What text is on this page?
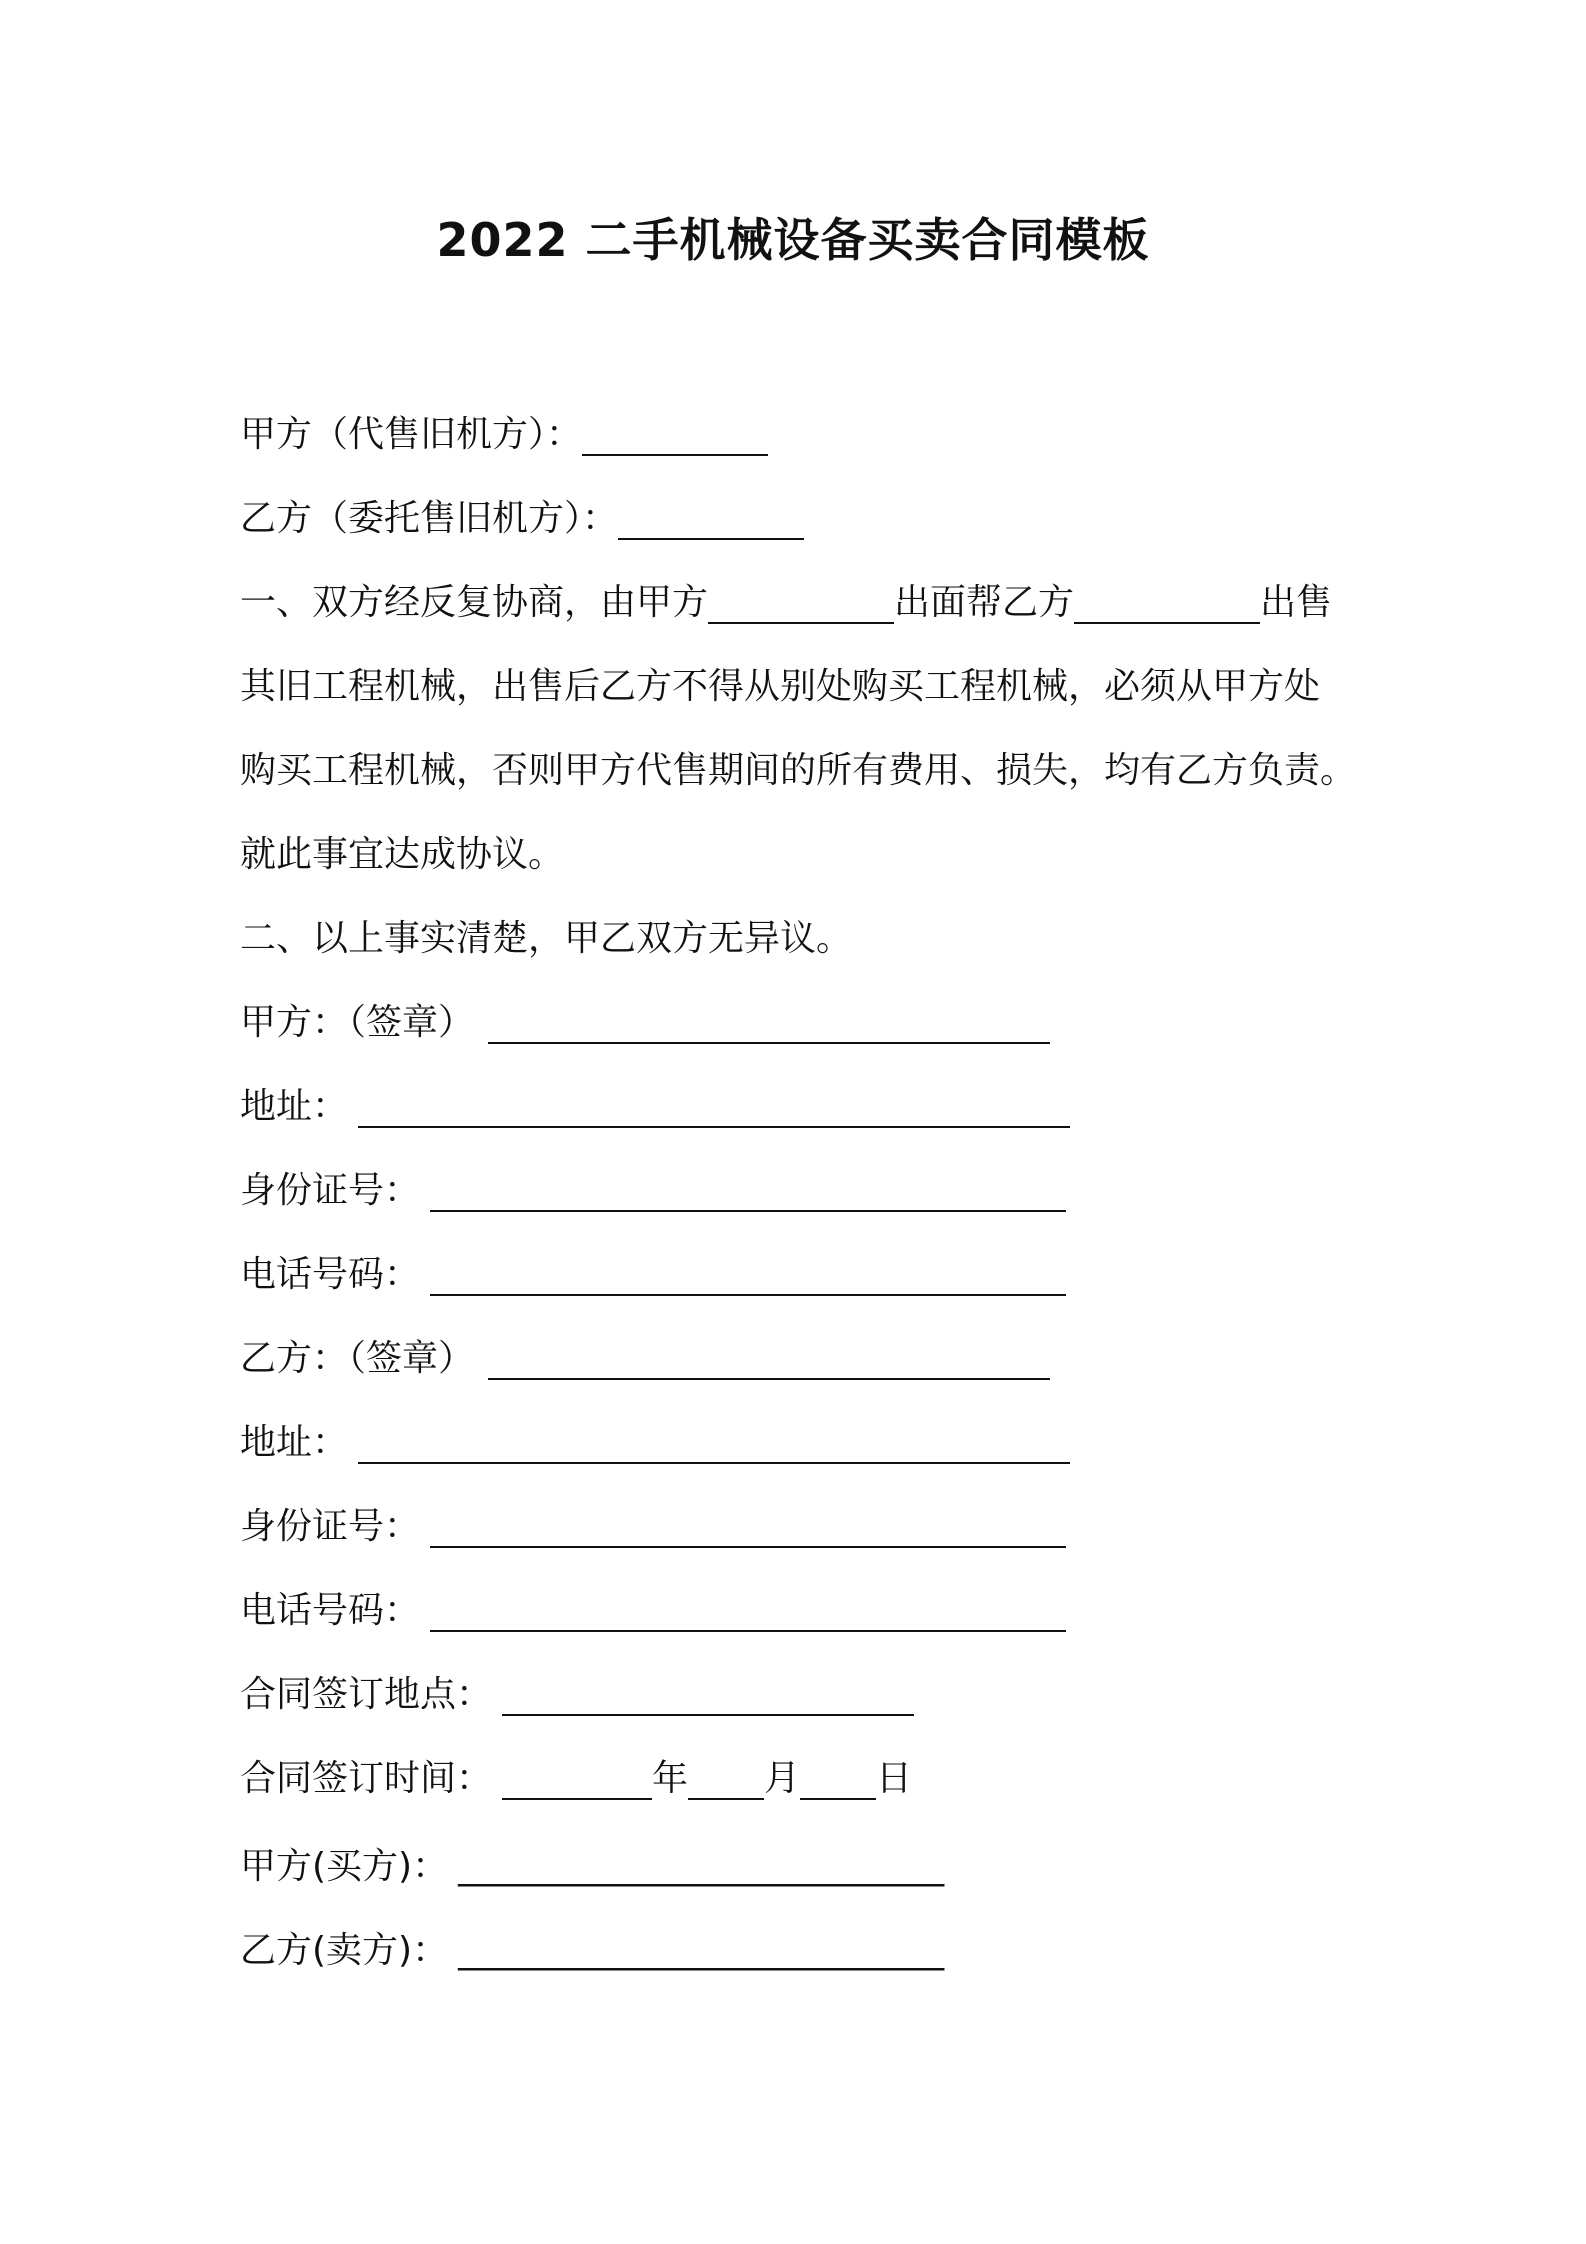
2022 二手机械设备买卖合同模板
甲方（代售旧机方）：
乙方（委托售旧机方）：
一、双方经反复协商，由甲方	出面帮乙方	出售
其旧工程机械，出售后乙方不得从别处购买工程机械，必须从甲方处
购买工程机械，否则甲方代售期间的所有费用、损失，均有乙方负责。
就此事宜达成协议。
二、以上事实清楚，甲乙双方无异议。
甲方：（签章）
地址：
身份证号：
电话号码：
乙方：（签章）
地址：
身份证号：
电话号码：
合同签订地点：
合同签订时间：	年 月 日
甲方(买方)： ___________________________
乙方(卖方)： ___________________________
